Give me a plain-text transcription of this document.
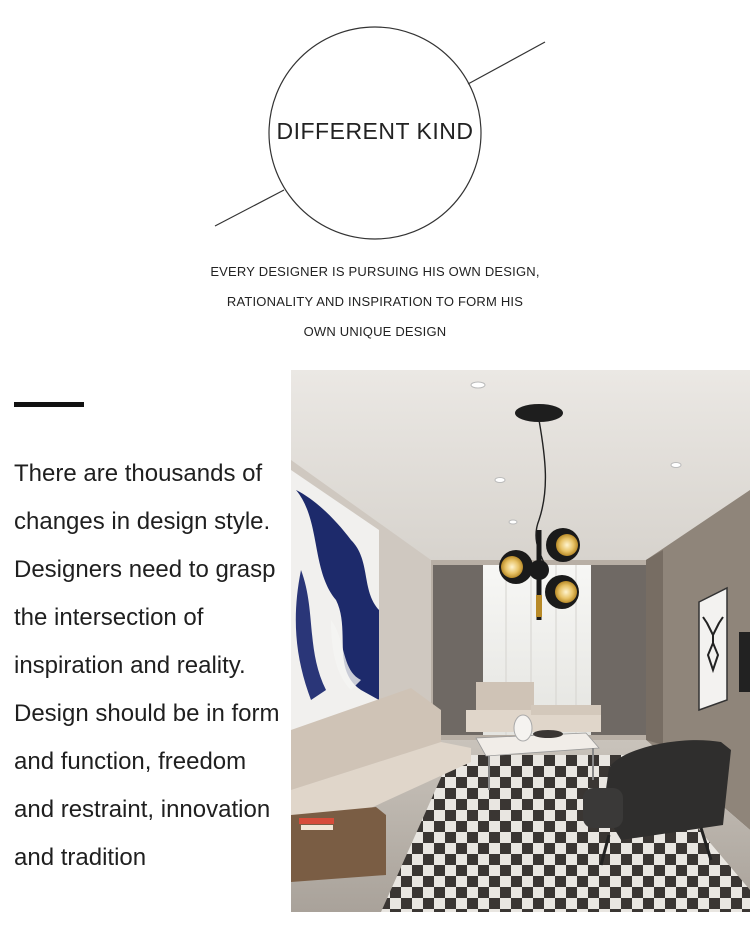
DIFFERENT KIND
EVERY DESIGNER IS PURSUING HIS OWN DESIGN,
RATIONALITY AND INSPIRATION TO FORM HIS
OWN UNIQUE DESIGN
There are thousands of
changes in design style.
Designers need to grasp
the intersection of
inspiration and reality.
Design should be in form
and function, freedom
and restraint, innovation
and tradition
